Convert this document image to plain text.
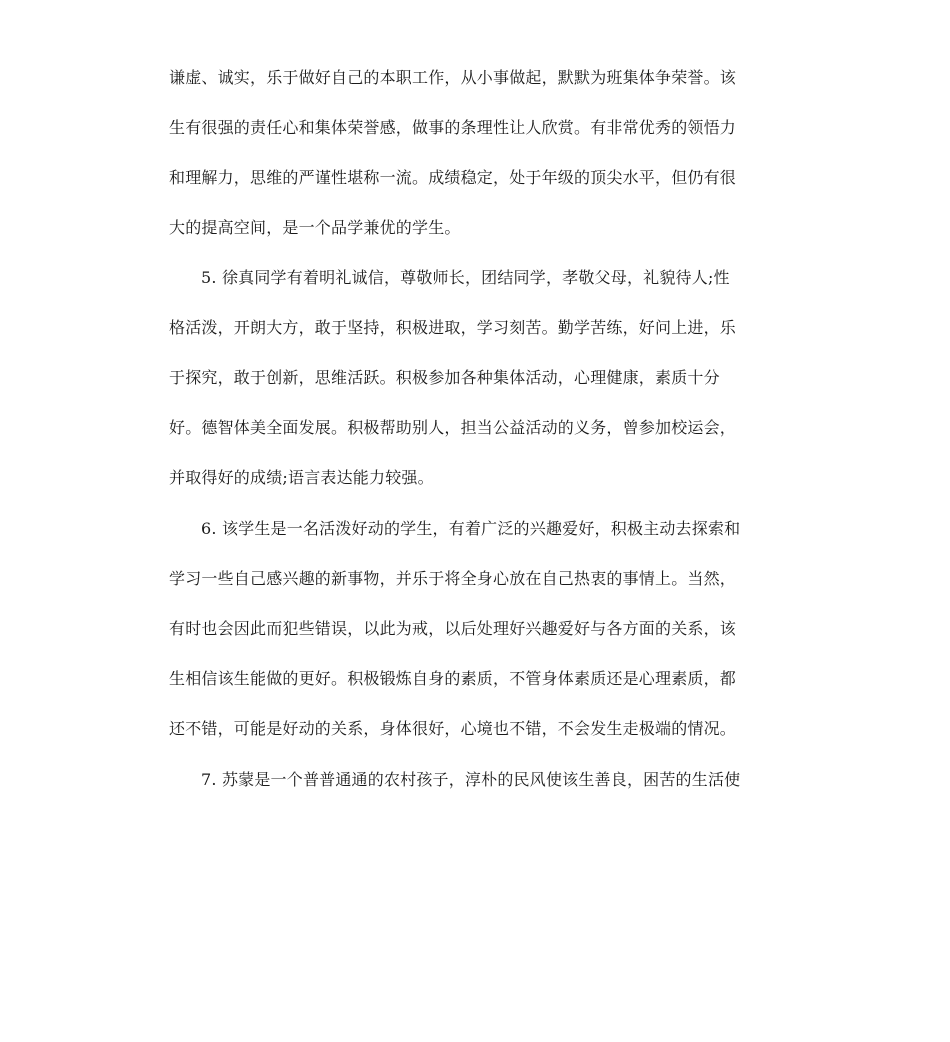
谦虚、诚实，乐于做好自己的本职工作，从小事做起，默默为班集体争荣誉。该
生有很强的责任心和集体荣誉感，做事的条理性让人欣赏。有非常优秀的领悟力
和理解力，思维的严谨性堪称一流。成绩稳定，处于年级的顶尖水平，但仍有很
大的提高空间，是一个品学兼优的学生。
5. 徐真同学有着明礼诚信，尊敬师长，团结同学，孝敬父母，礼貌待人;性
格活泼，开朗大方，敢于坚持，积极进取，学习刻苦。勤学苦练，好问上进，乐
于探究，敢于创新，思维活跃。积极参加各种集体活动，心理健康，素质十分
好。德智体美全面发展。积极帮助别人，担当公益活动的义务，曾参加校运会，
并取得好的成绩;语言表达能力较强。
6. 该学生是一名活泼好动的学生，有着广泛的兴趣爱好，积极主动去探索和
学习一些自己感兴趣的新事物，并乐于将全身心放在自己热衷的事情上。当然，
有时也会因此而犯些错误，以此为戒，以后处理好兴趣爱好与各方面的关系，该
生相信该生能做的更好。积极锻炼自身的素质，不管身体素质还是心理素质，都
还不错，可能是好动的关系，身体很好，心境也不错，不会发生走极端的情况。
7. 苏蒙是一个普普通通的农村孩子，淳朴的民风使该生善良，困苦的生活使
